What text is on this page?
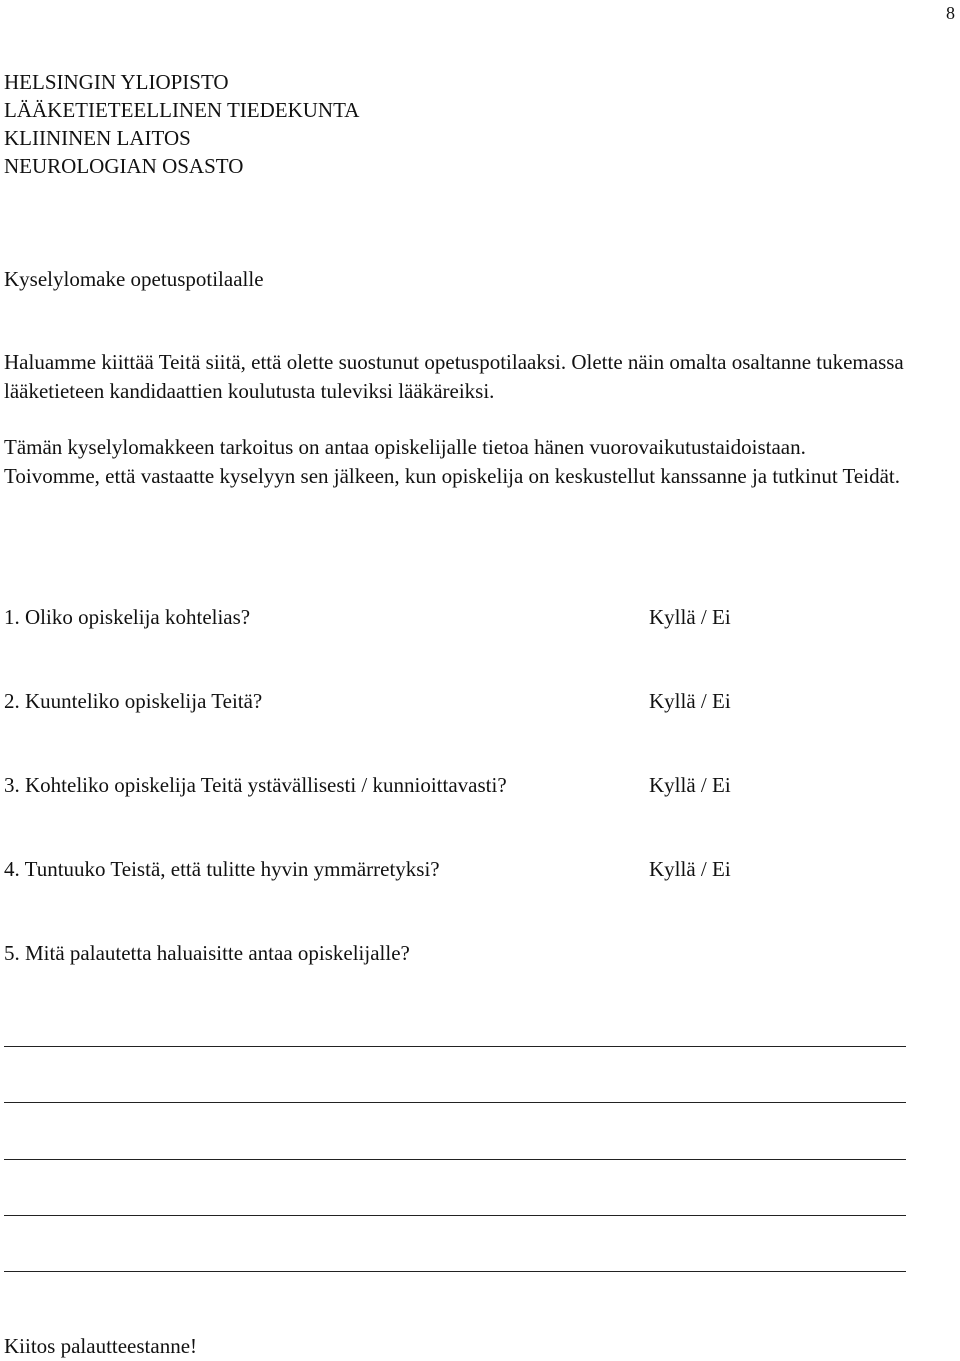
8
HELSINGIN YLIOPISTO
LÄÄKETIETEELLINEN TIEDEKUNTA
KLIININEN LAITOS
NEUROLOGIAN OSASTO
Kyselylomake opetuspotilaalle
Haluamme kiittää Teitä siitä, että olette suostunut opetuspotilaaksi. Olette näin omalta osaltanne tukemassa lääketieteen kandidaattien koulutusta tuleviksi lääkäreiksi.
Tämän kyselylomakkeen tarkoitus on antaa opiskelijalle tietoa hänen vuorovaikutustaidoistaan.
Toivomme, että vastaatte kyselyyn sen jälkeen, kun opiskelija on keskustellut kanssanne ja tutkinut Teidät.
1. Oliko opiskelija kohtelias?	Kyllä / Ei
2. Kuunteliko opiskelija Teitä?	Kyllä / Ei
3. Kohteliko opiskelija Teitä ystävällisesti / kunnioittavasti?	Kyllä / Ei
4. Tuntuuko Teistä, että tulitte hyvin ymmärretyksi?	Kyllä / Ei
5. Mitä palautetta haluaisitte antaa opiskelijalle?
Kiitos palautteestanne!
